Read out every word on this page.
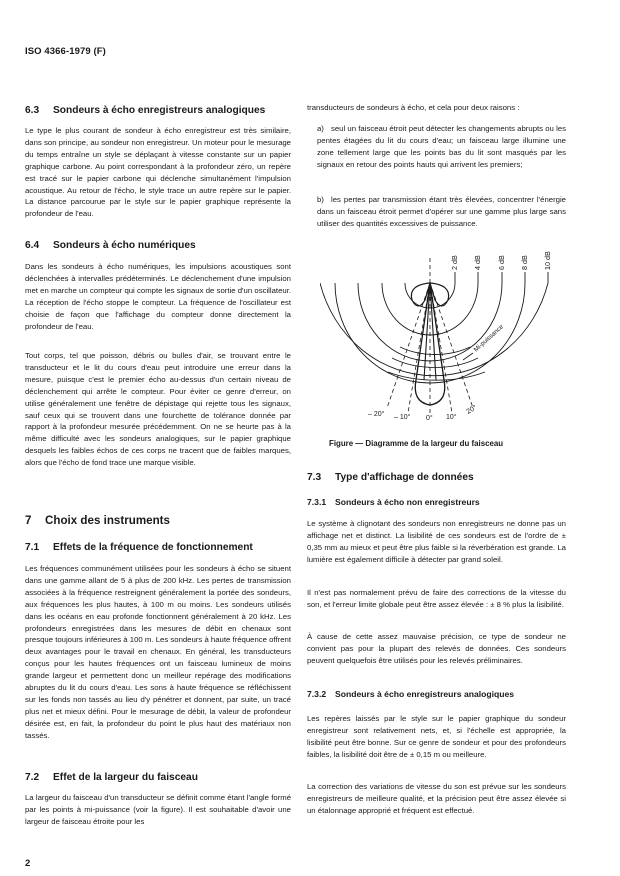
ISO 4366-1979 (F)
6.3 Sondeurs à écho enregistreurs analogiques

Le type le plus courant de sondeur à écho enregistreur est très similaire, dans son principe, au sondeur non enregistreur. Un moteur pour le mesurage du temps entraîne un style se déplaçant à vitesse constante sur un papier graphique carbone. Au point correspondant à la profondeur zéro, un repère est tracé sur le papier carbone qui déclenche simultanément l'impulsion acoustique. Au retour de l'écho, le style trace un autre repère sur le papier. La distance parcourue par le style sur le papier graphique représente la profondeur de l'eau.

6.4 Sondeurs à écho numériques

Dans les sondeurs à écho numériques, les impulsions acoustiques sont déclenchées à intervalles prédéterminés. Le déclenchement d'une impulsion met en marche un compteur qui compte les signaux de sortie d'un oscillateur. La réception de l'écho stoppe le compteur. La fréquence de l'oscillateur est choisie de façon que l'affichage du compteur donne directement la profondeur de l'eau.

Tout corps, tel que poisson, débris ou bulles d'air, se trouvant entre le transducteur et le lit du cours d'eau peut introduire une erreur dans la mesure, puisque c'est le premier écho au-dessus d'un certain niveau de déclenchement qui arrête le compteur. Pour éviter ce genre d'erreur, on utilise généralement une fenêtre de dépistage qui rejette tous les signaux, sauf ceux qui se trouvent dans une fourchette de tolérance donnée par rapport à la profondeur mesurée précédemment. On ne se heurte pas à la même difficulté avec les sondeurs analogiques, sur le papier graphique desquels les faibles échos de ces corps ne tracent que de faibles marques, alors que l'écho de fond trace une marque visible.

7 Choix des instruments
7.1 Effets de la fréquence de fonctionnement

Les fréquences communément utilisées pour les sondeurs à écho se situent dans une gamme allant de 5 à plus de 200 kHz. Les pertes de transmission associées à la fréquence restreignent généralement la portée des sondeurs, aux fréquences les plus hautes, à 100 m ou moins. Les sondeurs utilisés dans les océans en eau profonde fonctionnent généralement à 20 kHz. Les profondeurs enregistrées dans les mesures de débit en chenaux sont presque toujours inférieures à 100 m. Les sondeurs à haute fréquence offrent deux avantages pour le travail en chenaux. En général, les transducteurs conçus pour les hautes fréquences ont un faisceau lumineux de moins grande largeur et permettent donc un meilleur repérage des modifications abruptes du lit du cours d'eau. Les sons à haute fréquence se réfléchissent sur les fonds non tassés au lieu d'y pénétrer et donnent, par suite, un tracé plus net et mieux défini. Pour le mesurage de débit, la valeur de profondeur désirée est, en fait, la profondeur du point le plus haut des matériaux non tassés.

7.2 Effet de la largeur du faisceau

La largeur du faisceau d'un transducteur se définit comme étant l'angle formé par les points à mi-puissance (voir la figure). Il est souhaitable d'avoir une largeur de faisceau étroite pour les

transducteurs de sondeurs à écho, et cela pour deux raisons :

a) seul un faisceau étroit peut détecter les changements abrupts ou les pentes étagées du lit du cours d'eau; un faisceau large illumine une zone tellement large que les points bas du lit sont masqués par les signaux en retour des points hauts qui arrivent les premiers;
b) les pertes par transmission étant très élevées, concentrer l'énergie dans un faisceau étroit permet d'opérer sur une gamme plus large sans utiliser des quantités excessives de puissance.
2 dB 4 dB 6 dB 8 dB 10 dB
Mi-puissance
– 20° – 10° 0° 10°
20°
Figure — Diagramme de la largeur du faisceau
7.3 Type d'affichage de données
7.3.1 Sondeurs à écho non enregistreurs

Le système à clignotant des sondeurs non enregistreurs ne donne pas un affichage net et distinct. La lisibilité de ces sondeurs est de l'ordre de ± 0,35 mm au mieux et peut être plus faible si la réverbération est grande. La lumière est également difficile à détecter par grand soleil.

Il n'est pas normalement prévu de faire des corrections de la vitesse du son, et l'erreur limite globale peut être assez élevée : ± 8 % plus la lisibilité.

À cause de cette assez mauvaise précision, ce type de sondeur ne convient pas pour la plupart des relevés de données. Ces sondeurs peuvent quelquefois être utilisés pour les relevés préliminaires.

7.3.2 Sondeurs à écho enregistreurs analogiques

Les repères laissés par le style sur le papier graphique du sondeur enregistreur sont relativement nets, et, si l'échelle est appropriée, la lisibilité peut être bonne. Sur ce genre de sondeur et pour des profondeurs faibles, la lisibilité doit être de ± 0,15 m ou meilleure.

La correction des variations de vitesse du son est prévue sur les sondeurs enregistreurs de meilleure qualité, et la précision peut être assez élevée si un étalonnage approprié et fréquent est effectué.

2
